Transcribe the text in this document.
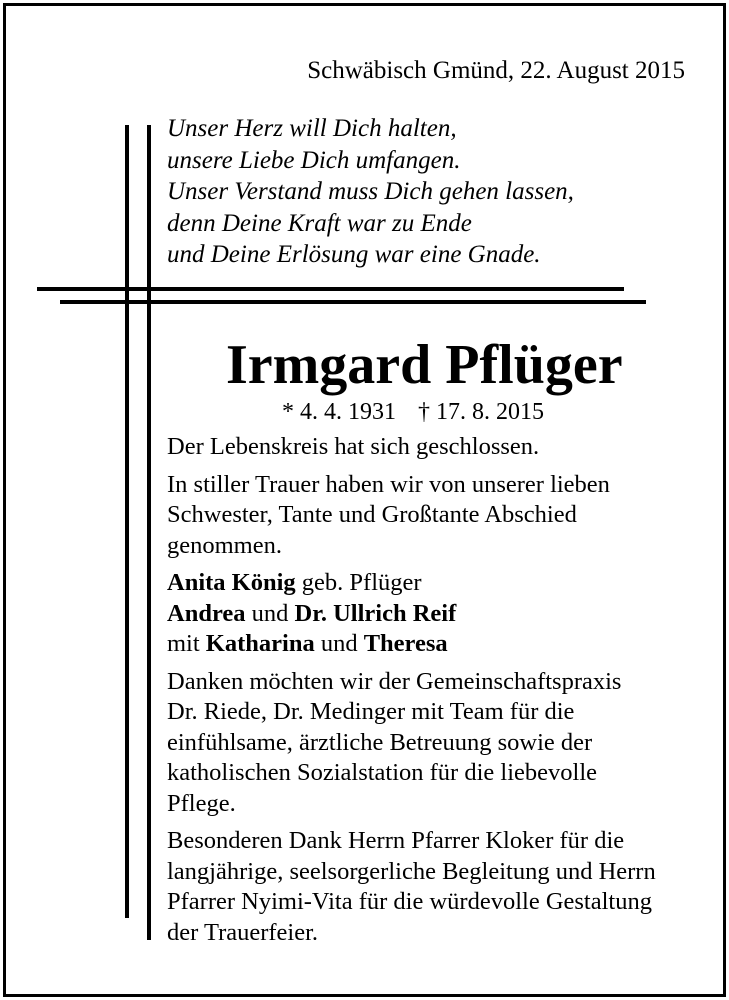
Schwäbisch Gmünd, 22. August 2015
Unser Herz will Dich halten,
unsere Liebe Dich umfangen.
Unser Verstand muss Dich gehen lassen,
denn Deine Kraft war zu Ende
und Deine Erlösung war eine Gnade.
Irmgard Pflüger
* 4. 4. 1931 † 17. 8. 2015

Der Lebenskreis hat sich geschlossen.

In stiller Trauer haben wir von unserer lieben
Schwester, Tante und Großtante Abschied
genommen.

Anita König geb. Pflüger
Andrea und Dr. Ullrich Reif
mit Katharina und Theresa

Danken möchten wir der Gemeinschaftspraxis
Dr. Riede, Dr. Medinger mit Team für die
einfühlsame, ärztliche Betreuung sowie der
katholischen Sozialstation für die liebevolle
Pflege.

Besonderen Dank Herrn Pfarrer Kloker für die
langjährige, seelsorgerliche Begleitung und Herrn
Pfarrer Nyimi-Vita für die würdevolle Gestaltung
der Trauerfeier.
